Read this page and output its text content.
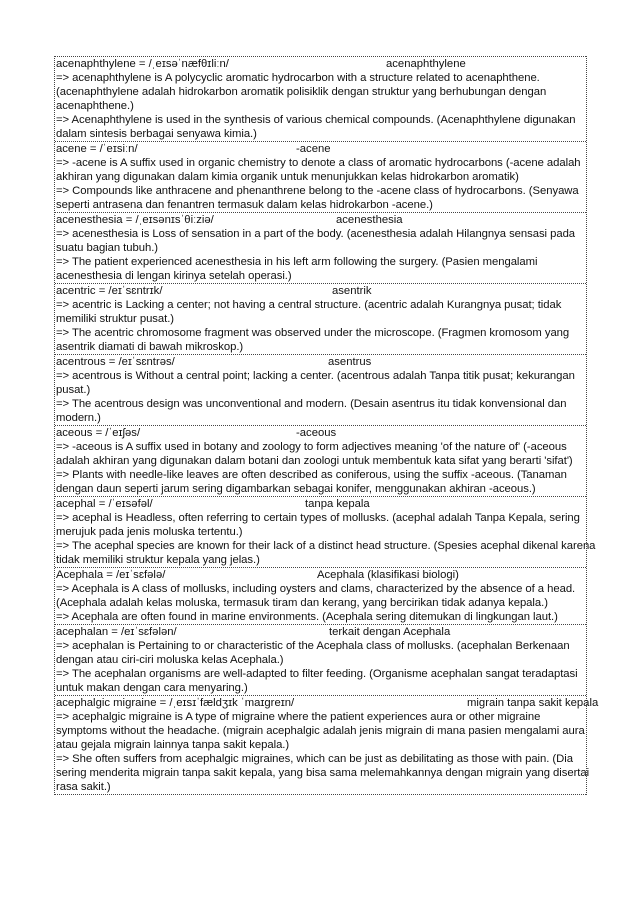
acenaphthylene = /ˌeɪsəˈnæfθɪliːn/	acenaphthylene
=> acenaphthylene is A polycyclic aromatic hydrocarbon with a structure related to acenaphthene.
(acenaphthylene adalah hidrokarbon aromatik polisiklik dengan struktur yang berhubungan dengan
acenaphthene.)
=> Acenaphthylene is used in the synthesis of various chemical compounds. (Acenaphthylene digunakan
dalam sintesis berbagai senyawa kimia.)
acene = /ˈeɪsiːn/	-acene
=> -acene is A suffix used in organic chemistry to denote a class of aromatic hydrocarbons (-acene adalah
akhiran yang digunakan dalam kimia organik untuk menunjukkan kelas hidrokarbon aromatik)
=> Compounds like anthracene and phenanthrene belong to the -acene class of hydrocarbons. (Senyawa
seperti antrasena dan fenantren termasuk dalam kelas hidrokarbon -acene.)
acenesthesia = /ˌeɪsənɪsˈθiːziə/	acenesthesia
=> acenesthesia is Loss of sensation in a part of the body. (acenesthesia adalah Hilangnya sensasi pada
suatu bagian tubuh.)
=> The patient experienced acenesthesia in his left arm following the surgery. (Pasien mengalami
acenesthesia di lengan kirinya setelah operasi.)
acentric = /eɪˈsɛntrɪk/	asentrik
=> acentric is Lacking a center; not having a central structure. (acentric adalah Kurangnya pusat; tidak
memiliki struktur pusat.)
=> The acentric chromosome fragment was observed under the microscope. (Fragmen kromosom yang
asentrik diamati di bawah mikroskop.)
acentrous = /eɪˈsɛntrəs/	asentrus
=> acentrous is Without a central point; lacking a center. (acentrous adalah Tanpa titik pusat; kekurangan
pusat.)
=> The acentrous design was unconventional and modern. (Desain asentrus itu tidak konvensional dan
modern.)
aceous = /ˈeɪʃəs/	-aceous
=> -aceous is A suffix used in botany and zoology to form adjectives meaning 'of the nature of' (-aceous
adalah akhiran yang digunakan dalam botani dan zoologi untuk membentuk kata sifat yang berarti 'sifat')
=> Plants with needle-like leaves are often described as coniferous, using the suffix -aceous. (Tanaman
dengan daun seperti jarum sering digambarkan sebagai konifer, menggunakan akhiran -aceous.)
acephal = /ˈeɪsəfəl/	tanpa kepala
=> acephal is Headless, often referring to certain types of mollusks. (acephal adalah Tanpa Kepala, sering
merujuk pada jenis moluska tertentu.)
=> The acephal species are known for their lack of a distinct head structure. (Spesies acephal dikenal karena
tidak memiliki struktur kepala yang jelas.)
Acephala = /eɪˈsɛfələ/	Acephala (klasifikasi biologi)
=> Acephala is A class of mollusks, including oysters and clams, characterized by the absence of a head.
(Acephala adalah kelas moluska, termasuk tiram dan kerang, yang bercirikan tidak adanya kepala.)
=> Acephala are often found in marine environments. (Acephala sering ditemukan di lingkungan laut.)
acephalan = /eɪˈsɛfələn/	terkait dengan Acephala
=> acephalan is Pertaining to or characteristic of the Acephala class of mollusks. (acephalan Berkenaan
dengan atau ciri-ciri moluska kelas Acephala.)
=> The acephalan organisms are well-adapted to filter feeding. (Organisme acephalan sangat teradaptasi
untuk makan dengan cara menyaring.)
acephalgic migraine = /ˌeɪsɪˈfældʒɪk ˈmaɪɡreɪn/	migrain tanpa sakit kepala
=> acephalgic migraine is A type of migraine where the patient experiences aura or other migraine
symptoms without the headache. (migrain acephalgic adalah jenis migrain di mana pasien mengalami aura
atau gejala migrain lainnya tanpa sakit kepala.)
=> She often suffers from acephalgic migraines, which can be just as debilitating as those with pain. (Dia
sering menderita migrain tanpa sakit kepala, yang bisa sama melemahkannya dengan migrain yang disertai
rasa sakit.)
